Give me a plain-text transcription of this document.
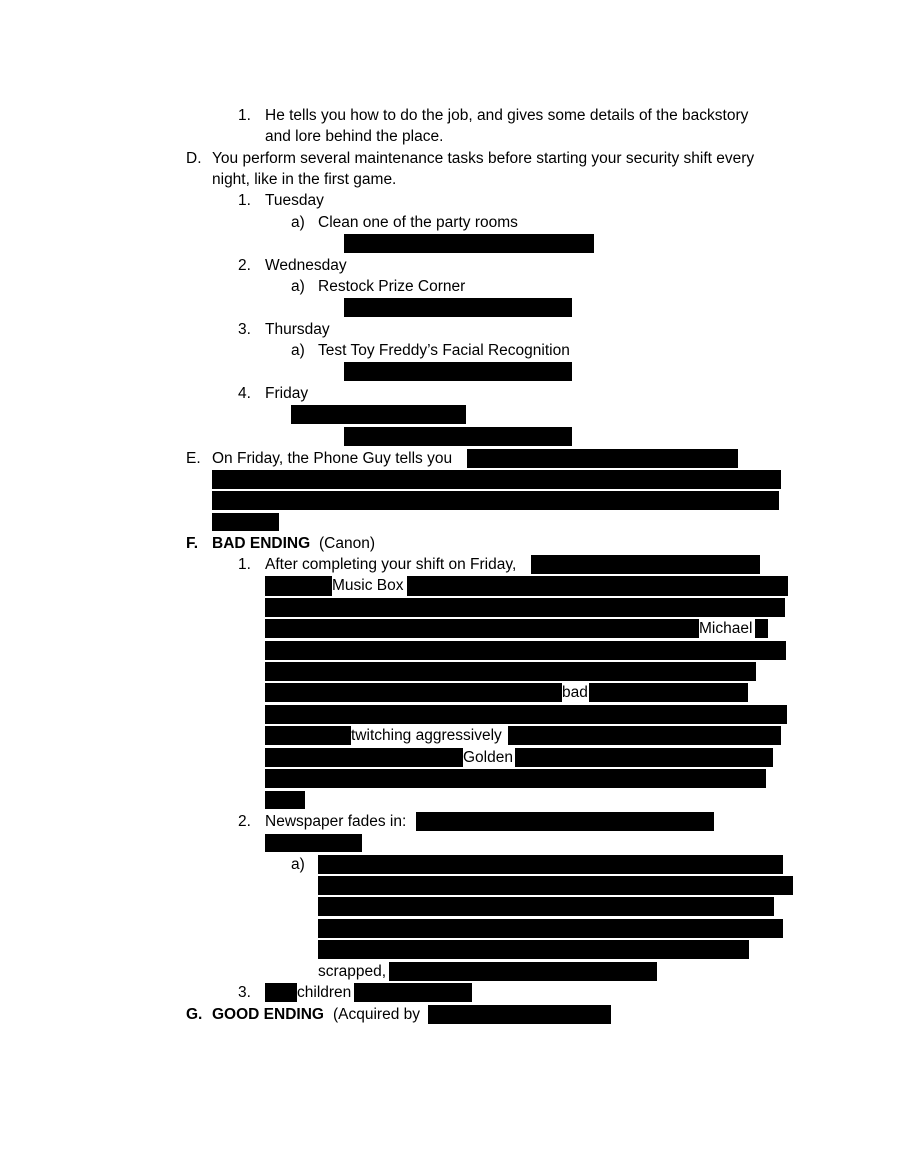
1. He tells you how to do the job, and gives some details of the backstory
and lore behind the place.
D. You perform several maintenance tasks before starting your security shift every
night, like in the first game.
1. Tuesday
a) Clean one of the party rooms
2. Wednesday
a) Restock Prize Corner
3. Thursday
a) Test Toy Freddy’s Facial Recognition
4. Friday
E. On Friday, the Phone Guy tells you
F. BAD ENDING (Canon)
1. After completing your shift on Friday,
Music Box
Michael
bad
twitching aggressively
Golden
2. Newspaper fades in:
a)
scrapped,
3.	children
G. GOOD ENDING (Acquired by
